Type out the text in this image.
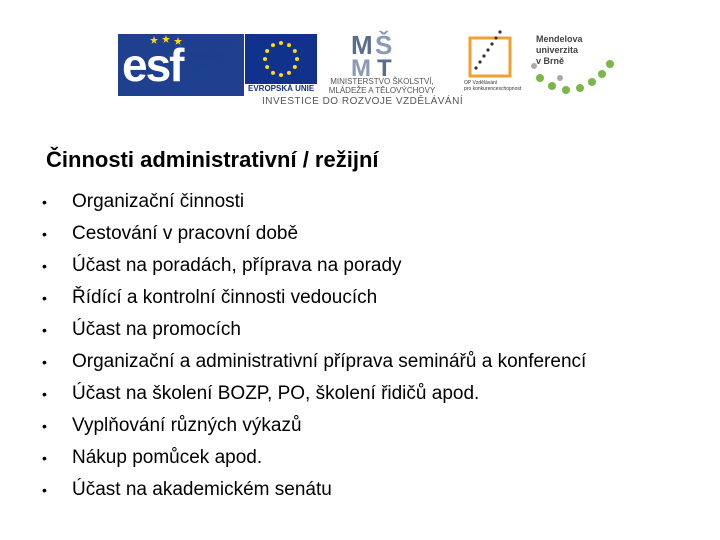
esf evropský
sociální
fond v ČR
EVROPSKÁ UNIE
M Š
M T
MINISTERSTVO ŠKOLSTVÍ,
MLÁDEŽE A TĚLOVÝCHOVY
OP Vzdělávání
pro konkurenceschopnost
Mendelova
univerzita
v Brně
INVESTICE DO ROZVOJE VZDĚLÁVÁNÍ
Činnosti administrativní / režijní
• Organizační činnosti
• Cestování v pracovní době
• Účast na poradách, příprava na porady
• Řídící a kontrolní činnosti vedoucích
• Účast na promocích
• Organizační a administrativní příprava seminářů a konferencí
• Účast na školení BOZP, PO, školení řidičů apod.
• Vyplňování různých výkazů
• Nákup pomůcek apod.
• Účast na akademickém senátu
